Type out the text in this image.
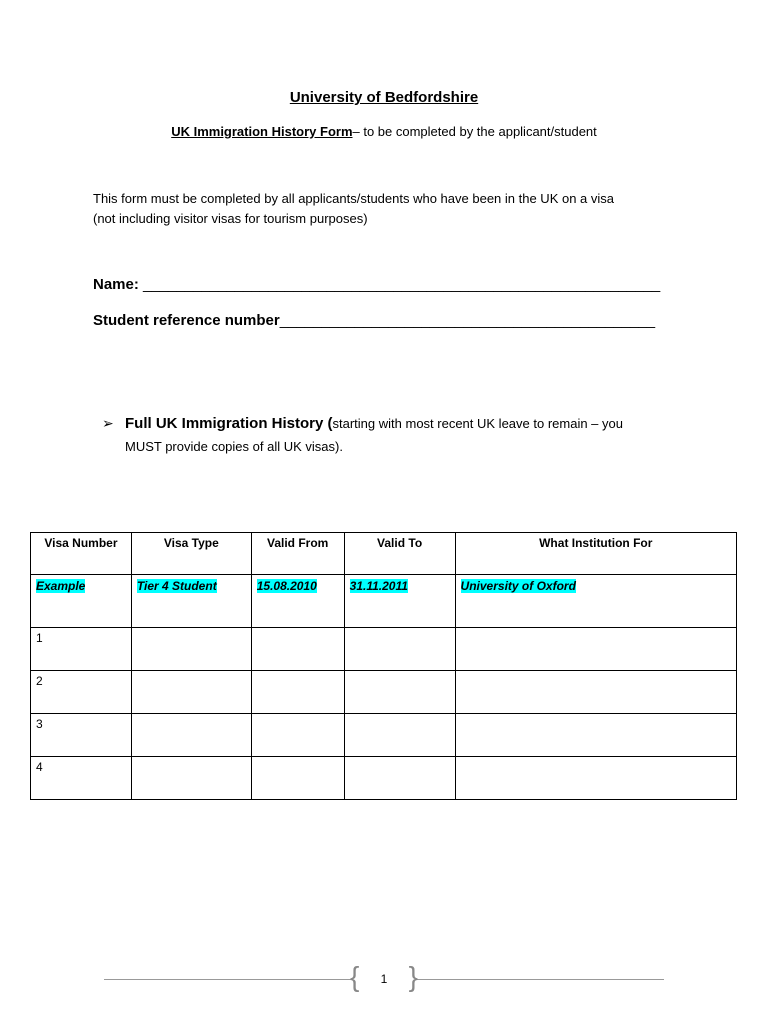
University of Bedfordshire
UK Immigration History Form– to be completed by the applicant/student
This form must be completed by all applicants/students who have been in the UK on a visa
(not including visitor visas for tourism purposes)
Name: ______________________________________________________________
Student reference number_____________________________________________
➢ Full UK Immigration History (starting with most recent UK leave to remain – you
MUST provide copies of all UK visas).
Visa Number	Visa Type	Valid From	Valid To	What Institution For
Example	Tier 4 Student	15.08.2010	31.11.2011	University of Oxford
1				
2				
3				
4				
{ 1 }
